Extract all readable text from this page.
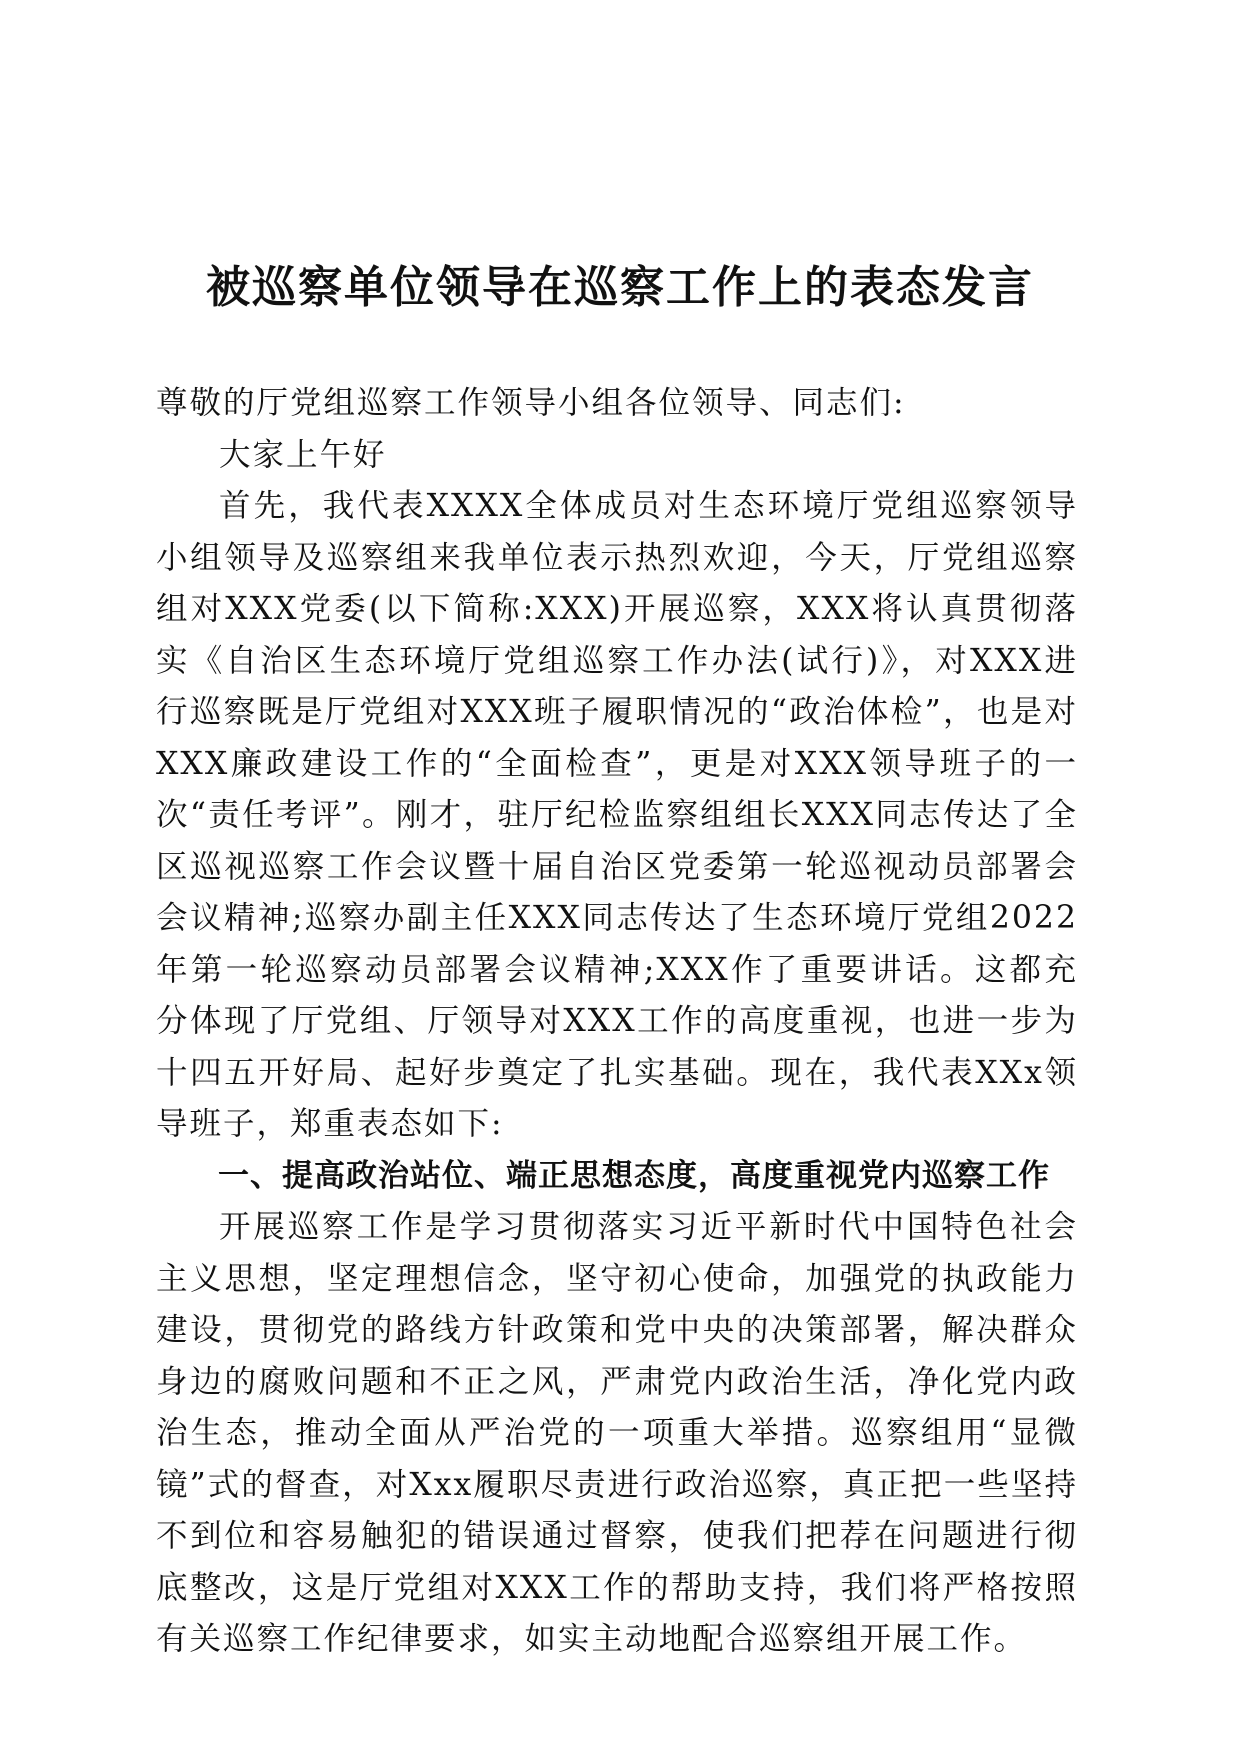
被巡察单位领导在巡察工作上的表态发言

尊敬的厅党组巡察工作领导小组各位领导、同志们:

大家上午好

首先，我代表XXXX全体成员对生态环境厅党组巡察领导小组领导及巡察组来我单位表示热烈欢迎，今天，厅党组巡察组对XXX党委(以下简称:XXX)开展巡察，XXX将认真贯彻落实《自治区生态环境厅党组巡察工作办法(试行)》，对XXX进行巡察既是厅党组对XXX班子履职情况的“政治体检”，也是对XXX廉政建设工作的“全面检查”，更是对XXX领导班子的一次“责任考评”。刚才，驻厅纪检监察组组长XXX同志传达了全区巡视巡察工作会议暨十届自治区党委第一轮巡视动员部署会会议精神;巡察办副主任XXX同志传达了生态环境厅党组2022年第一轮巡察动员部署会议精神;XXX作了重要讲话。这都充分体现了厅党组、厅领导对XXX工作的高度重视，也进一步为十四五开好局、起好步奠定了扎实基础。现在，我代表XXx领导班子，郑重表态如下:

一、提高政治站位、端正思想态度，高度重视党内巡察工作

开展巡察工作是学习贯彻落实习近平新时代中国特色社会主义思想，坚定理想信念，坚守初心使命，加强党的执政能力建设，贯彻党的路线方针政策和党中央的决策部署，解决群众身边的腐败问题和不正之风，严肃党内政治生活，净化党内政治生态，推动全面从严治党的一项重大举措。巡察组用“显微镜”式的督查，对Xxx履职尽责进行政治巡察，真正把一些坚持不到位和容易触犯的错误通过督察，使我们把荐在问题进行彻底整改，这是厅党组对XXX工作的帮助支持，我们将严格按照有关巡察工作纪律要求，如实主动地配合巡察组开展工作。
